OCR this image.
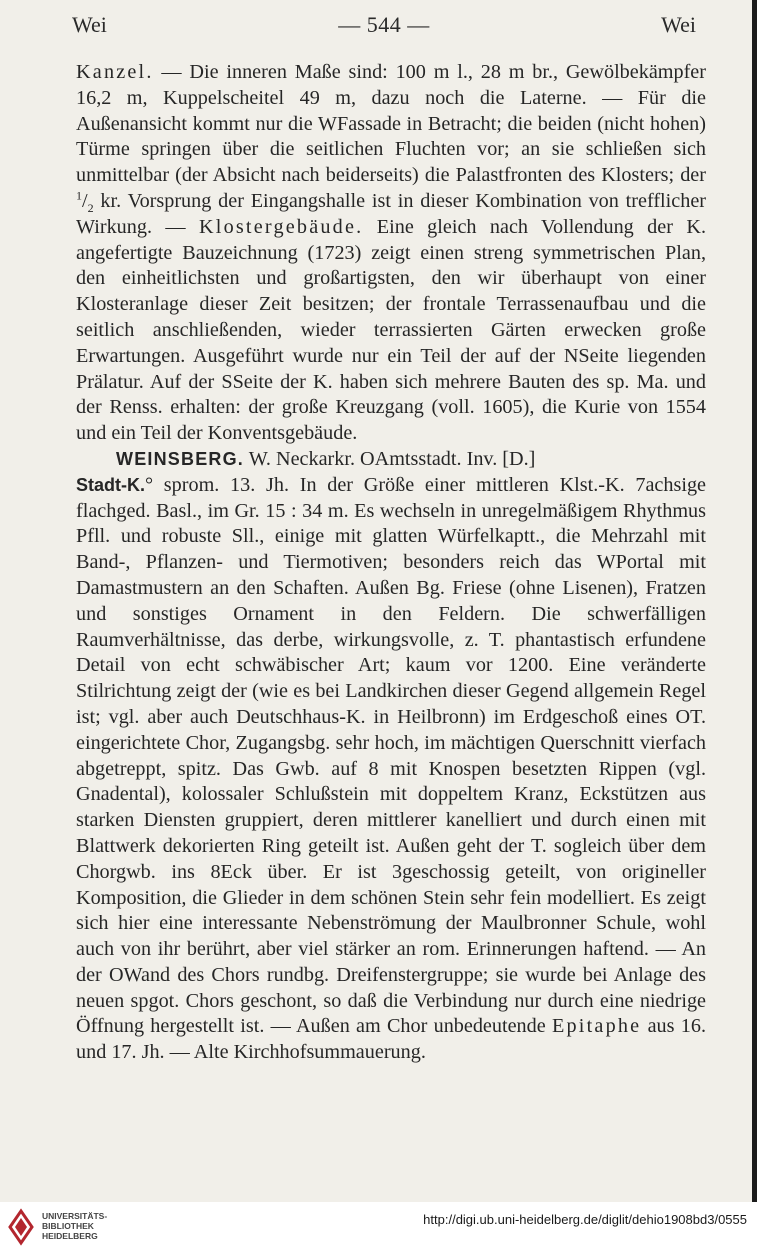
Wei	— 544 —	Wei

Kanzel. — Die inneren Maße sind: 100 m l., 28 m br., Gewölbekämpfer 16,2 m, Kuppelscheitel 49 m, dazu noch die Laterne. — Für die Außenansicht kommt nur die WFassade in Betracht; die beiden (nicht hohen) Türme springen über die seitlichen Fluchten vor; an sie schließen sich unmittelbar (der Absicht nach beiderseits) die Palastfronten des Klosters; der $^1/_2$ kr. Vorsprung der Eingangshalle ist in dieser Kombination von trefflicher Wirkung. — Klostergebäude. Eine gleich nach Vollendung der K. angefertigte Bauzeichnung (1723) zeigt einen streng symmetrischen Plan, den einheitlichsten und großartigsten, den wir überhaupt von einer Klosteranlage dieser Zeit besitzen; der frontale Terrassenaufbau und die seitlich anschließenden, wieder terrassierten Gärten erwecken große Erwartungen. Ausgeführt wurde nur ein Teil der auf der NSeite liegenden Prälatur. Auf der SSeite der K. haben sich mehrere Bauten des sp. Ma. und der Renss. erhalten: der große Kreuzgang (voll. 1605), die Kurie von 1554 und ein Teil der Konventsgebäude.

WEINSBERG. W. Neckarkr. OAmtsstadt. Inv. [D.]

Stadt-K.° sprom. 13. Jh. In der Größe einer mittleren Klst.-K. 7achsige flachged. Basl., im Gr. 15 : 34 m. Es wechseln in unregelmäßigem Rhythmus Pfll. und robuste Sll., einige mit glatten Würfelkaptt., die Mehrzahl mit Band-, Pflanzen- und Tiermotiven; besonders reich das WPortal mit Damastmustern an den Schaften. Außen Bg. Friese (ohne Lisenen), Fratzen und sonstiges Ornament in den Feldern. Die schwerfälligen Raumverhältnisse, das derbe, wirkungsvolle, z. T. phantastisch erfundene Detail von echt schwäbischer Art; kaum vor 1200. Eine veränderte Stilrichtung zeigt der (wie es bei Landkirchen dieser Gegend allgemein Regel ist; vgl. aber auch Deutschhaus-K. in Heilbronn) im Erdgeschoß eines OT. eingerichtete Chor, Zugangsbg. sehr hoch, im mächtigen Querschnitt vierfach abgetreppt, spitz. Das Gwb. auf 8 mit Knospen besetzten Rippen (vgl. Gnadental), kolossaler Schlußstein mit doppeltem Kranz, Eckstützen aus starken Diensten gruppiert, deren mittlerer kanelliert und durch einen mit Blattwerk dekorierten Ring geteilt ist. Außen geht der T. sogleich über dem Chorgwb. ins 8Eck über. Er ist 3geschossig geteilt, von origineller Komposition, die Glieder in dem schönen Stein sehr fein modelliert. Es zeigt sich hier eine interessante Nebenströmung der Maulbronner Schule, wohl auch von ihr berührt, aber viel stärker an rom. Erinnerungen haftend. — An der OWand des Chors rundbg. Dreifenstergruppe; sie wurde bei Anlage des neuen spgot. Chors geschont, so daß die Verbindung nur durch eine niedrige Öffnung hergestellt ist. — Außen am Chor unbedeutende Epitaphe aus 16. und 17. Jh. — Alte Kirchhofsummauerung.

UNIVERSITÄTS-
BIBLIOTHEK
HEIDELBERG
http://digi.ub.uni-heidelberg.de/diglit/dehio1908bd3/0555
